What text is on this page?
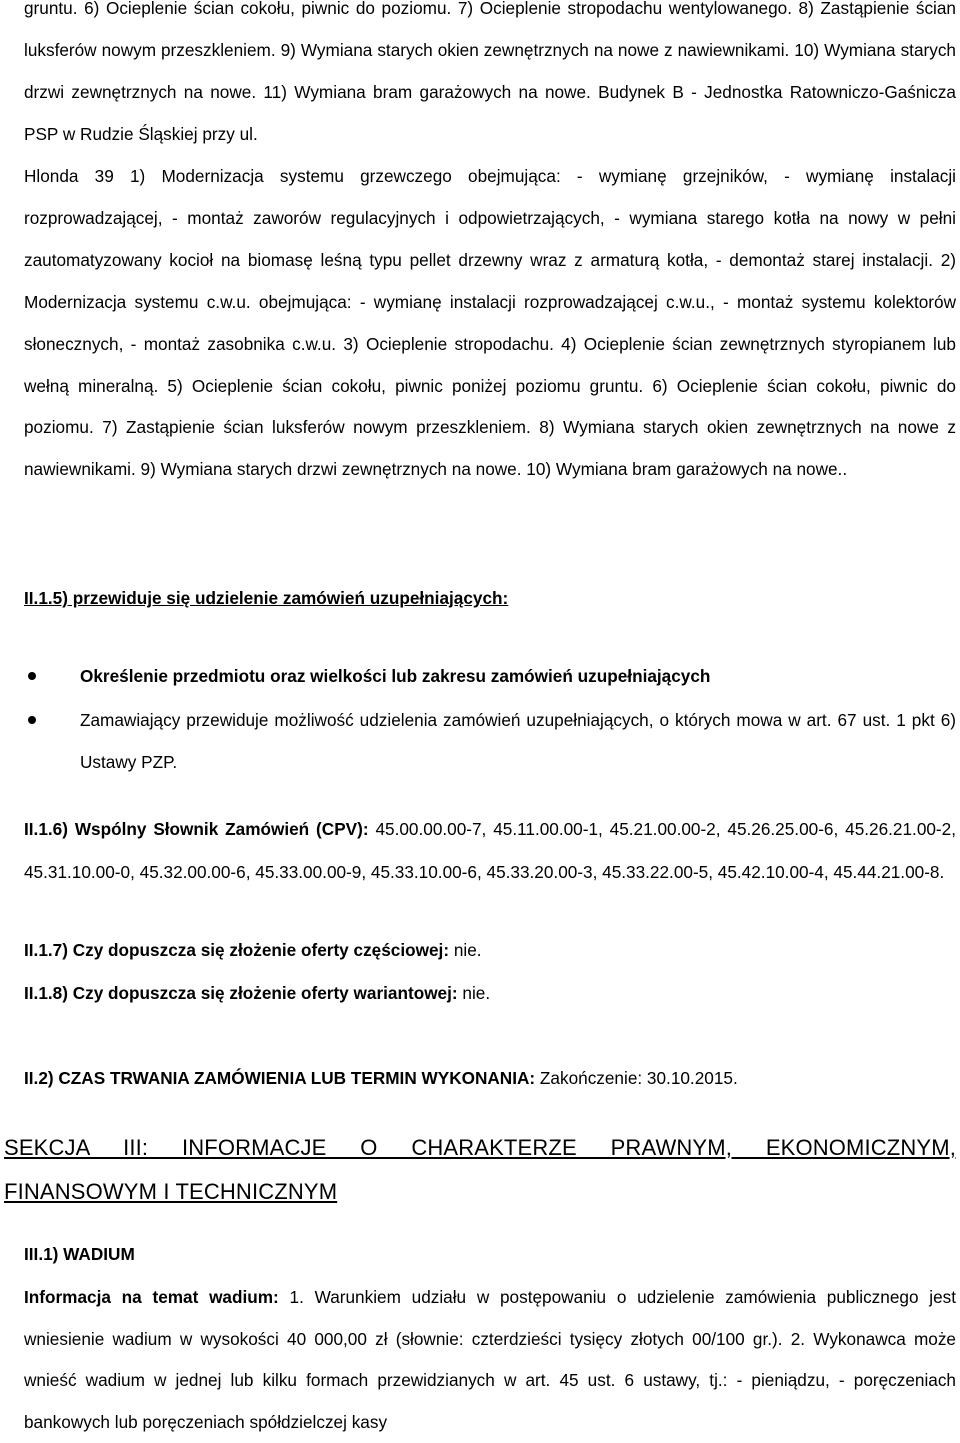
gruntu. 6) Ocieplenie ścian cokołu, piwnic do poziomu. 7) Ocieplenie stropodachu wentylowanego. 8) Zastąpienie ścian luksferów nowym przeszkleniem. 9) Wymiana starych okien zewnętrznych na nowe z nawiewnikami. 10) Wymiana starych drzwi zewnętrznych na nowe. 11) Wymiana bram garażowych na nowe. Budynek B - Jednostka Ratowniczo-Gaśnicza PSP w Rudzie Śląskiej przy ul.

Hlonda 39 1) Modernizacja systemu grzewczego obejmująca: - wymianę grzejników, - wymianę instalacji rozprowadzającej, - montaż zaworów regulacyjnych i odpowietrzających, - wymiana starego kotła na nowy w pełni zautomatyzowany kocioł na biomasę leśną typu pellet drzewny wraz z armaturą kotła, - demontaż starej instalacji. 2) Modernizacja systemu c.w.u. obejmująca: - wymianę instalacji rozprowadzającej c.w.u., - montaż systemu kolektorów słonecznych, - montaż zasobnika c.w.u. 3) Ocieplenie stropodachu. 4) Ocieplenie ścian zewnętrznych styropianem lub wełną mineralną. 5) Ocieplenie ścian cokołu, piwnic poniżej poziomu gruntu. 6) Ocieplenie ścian cokołu, piwnic do poziomu. 7) Zastąpienie ścian luksferów nowym przeszkleniem. 8) Wymiana starych okien zewnętrznych na nowe z nawiewnikami. 9) Wymiana starych drzwi zewnętrznych na nowe. 10) Wymiana bram garażowych na nowe..

II.1.5) przewiduje się udzielenie zamówień uzupełniających:

Określenie przedmiotu oraz wielkości lub zakresu zamówień uzupełniających
Zamawiający przewiduje możliwość udzielenia zamówień uzupełniających, o których mowa w art. 67 ust. 1 pkt 6) Ustawy PZP.

II.1.6) Wspólny Słownik Zamówień (CPV): 45.00.00.00-7, 45.11.00.00-1, 45.21.00.00-2, 45.26.25.00-6, 45.26.21.00-2, 45.31.10.00-0, 45.32.00.00-6, 45.33.00.00-9, 45.33.10.00-6, 45.33.20.00-3, 45.33.22.00-5, 45.42.10.00-4, 45.44.21.00-8.

II.1.7) Czy dopuszcza się złożenie oferty częściowej: nie.

II.1.8) Czy dopuszcza się złożenie oferty wariantowej: nie.

II.2) CZAS TRWANIA ZAMÓWIENIA LUB TERMIN WYKONANIA: Zakończenie: 30.10.2015.

SEKCJA III: INFORMACJE O CHARAKTERZE PRAWNYM, EKONOMICZNYM,
FINANSOWYM I TECHNICZNYM

III.1) WADIUM

Informacja na temat wadium: 1. Warunkiem udziału w postępowaniu o udzielenie zamówienia publicznego jest wniesienie wadium w wysokości 40 000,00 zł (słownie: czterdzieści tysięcy złotych 00/100 gr.). 2. Wykonawca może wnieść wadium w jednej lub kilku formach przewidzianych w art. 45 ust. 6 ustawy, tj.: - pieniądzu, - poręczeniach bankowych lub poręczeniach spółdzielczej kasy
